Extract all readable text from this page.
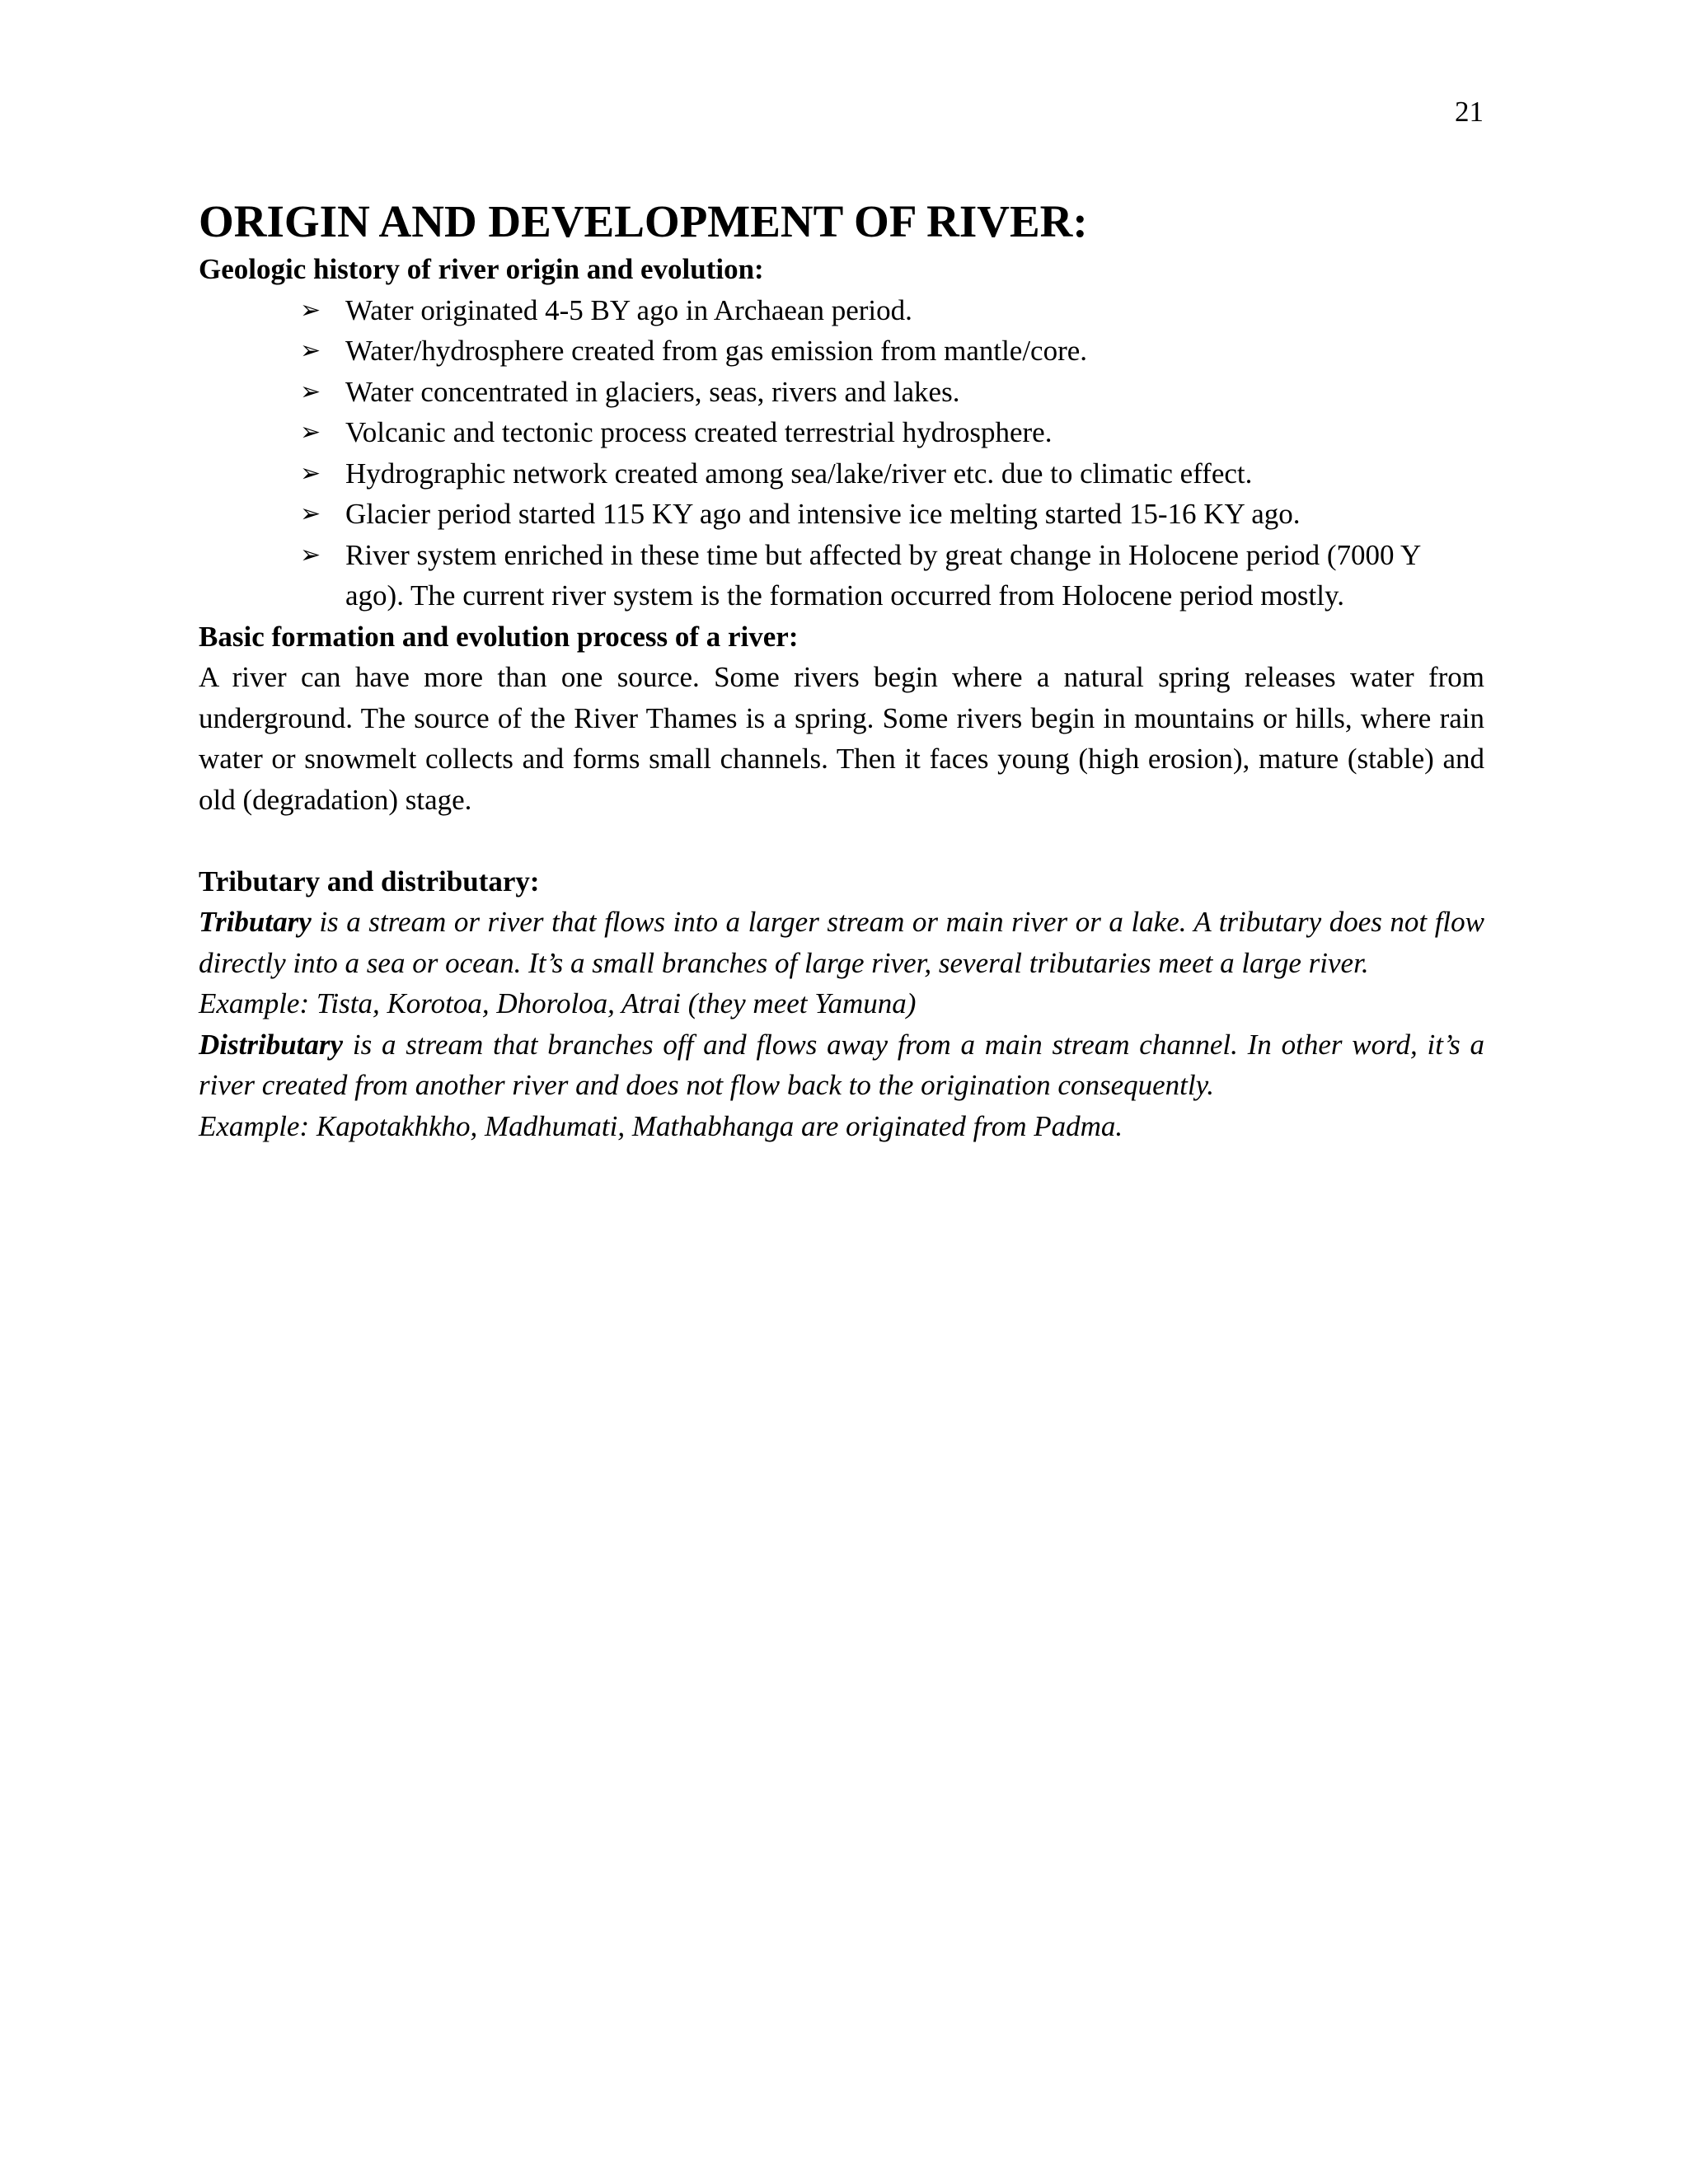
21
ORIGIN AND DEVELOPMENT OF RIVER:

Geologic history of river origin and evolution:

➢ Water originated 4-5 BY ago in Archaean period.
➢ Water/hydrosphere created from gas emission from mantle/core.
➢ Water concentrated in glaciers, seas, rivers and lakes.
➢ Volcanic and tectonic process created terrestrial hydrosphere.
➢ Hydrographic network created among sea/lake/river etc. due to climatic effect.
➢ Glacier period started 115 KY ago and intensive ice melting started 15-16 KY ago.
➢ River system enriched in these time but affected by great change in Holocene period (7000 Y ago). The current river system is the formation occurred from Holocene period mostly.

Basic formation and evolution process of a river:

A river can have more than one source. Some rivers begin where a natural spring releases water from underground. The source of the River Thames is a spring. Some rivers begin in mountains or hills, where rain water or snowmelt collects and forms small channels. Then it faces young (high erosion), mature (stable) and old (degradation) stage.

Tributary and distributary:

Tributary is a stream or river that flows into a larger stream or main river or a lake. A tributary does not flow directly into a sea or ocean. It’s a small branches of large river, several tributaries meet a large river.

Example: Tista, Korotoa, Dhoroloa, Atrai (they meet Yamuna)

Distributary is a stream that branches off and flows away from a main stream channel. In other word, it’s a river created from another river and does not flow back to the origination consequently.

Example: Kapotakhkho, Madhumati, Mathabhanga are originated from Padma.
